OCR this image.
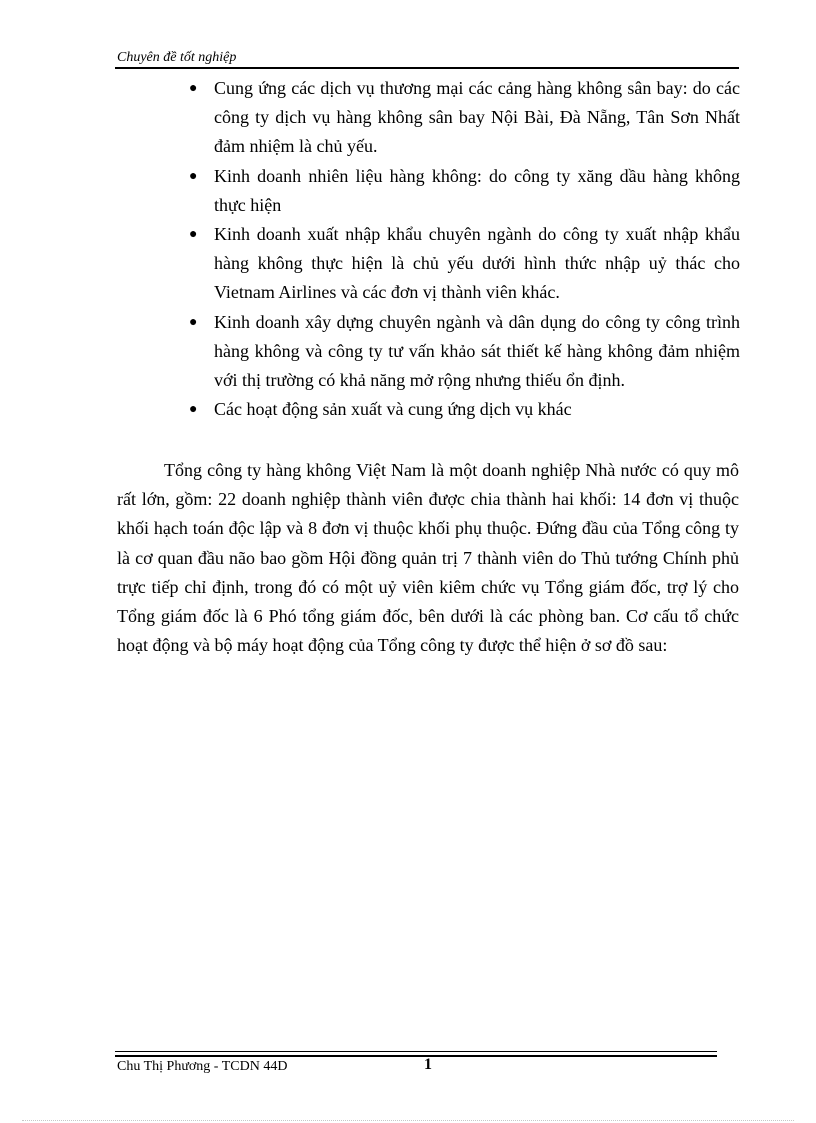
Chuyên đề tốt nghiệp
● Cung ứng các dịch vụ thương mại các cảng hàng không sân bay: do các công ty dịch vụ hàng không sân bay Nội Bài, Đà Nẵng, Tân Sơn Nhất đảm nhiệm là chủ yếu.
● Kinh doanh nhiên liệu hàng không: do công ty xăng dầu hàng không thực hiện
● Kinh doanh xuất nhập khẩu chuyên ngành do công ty xuất nhập khẩu hàng không thực hiện là chủ yếu dưới hình thức nhập uỷ thác cho Vietnam Airlines và các đơn vị thành viên khác.
● Kinh doanh xây dựng chuyên ngành và dân dụng do công ty công trình hàng không và công ty tư vấn khảo sát thiết kế hàng không đảm nhiệm với thị trường có khả năng mở rộng nhưng thiếu ổn định.
● Các hoạt động sản xuất và cung ứng dịch vụ khác

Tổng công ty hàng không Việt Nam là một doanh nghiệp Nhà nước có quy mô rất lớn, gồm: 22 doanh nghiệp thành viên được chia thành hai khối: 14 đơn vị thuộc khối hạch toán độc lập và 8 đơn vị thuộc khối phụ thuộc. Đứng đầu của Tổng công ty là cơ quan đầu não bao gồm Hội đồng quản trị 7 thành viên do Thủ tướng Chính phủ trực tiếp chỉ định, trong đó có một uỷ viên kiêm chức vụ Tổng giám đốc, trợ lý cho Tổng giám đốc là 6 Phó tổng giám đốc, bên dưới là các phòng ban. Cơ cấu tổ chức hoạt động và bộ máy hoạt động của Tổng công ty được thể hiện ở sơ đồ sau:

Chu Thị Phương - TCDN 44D	1
